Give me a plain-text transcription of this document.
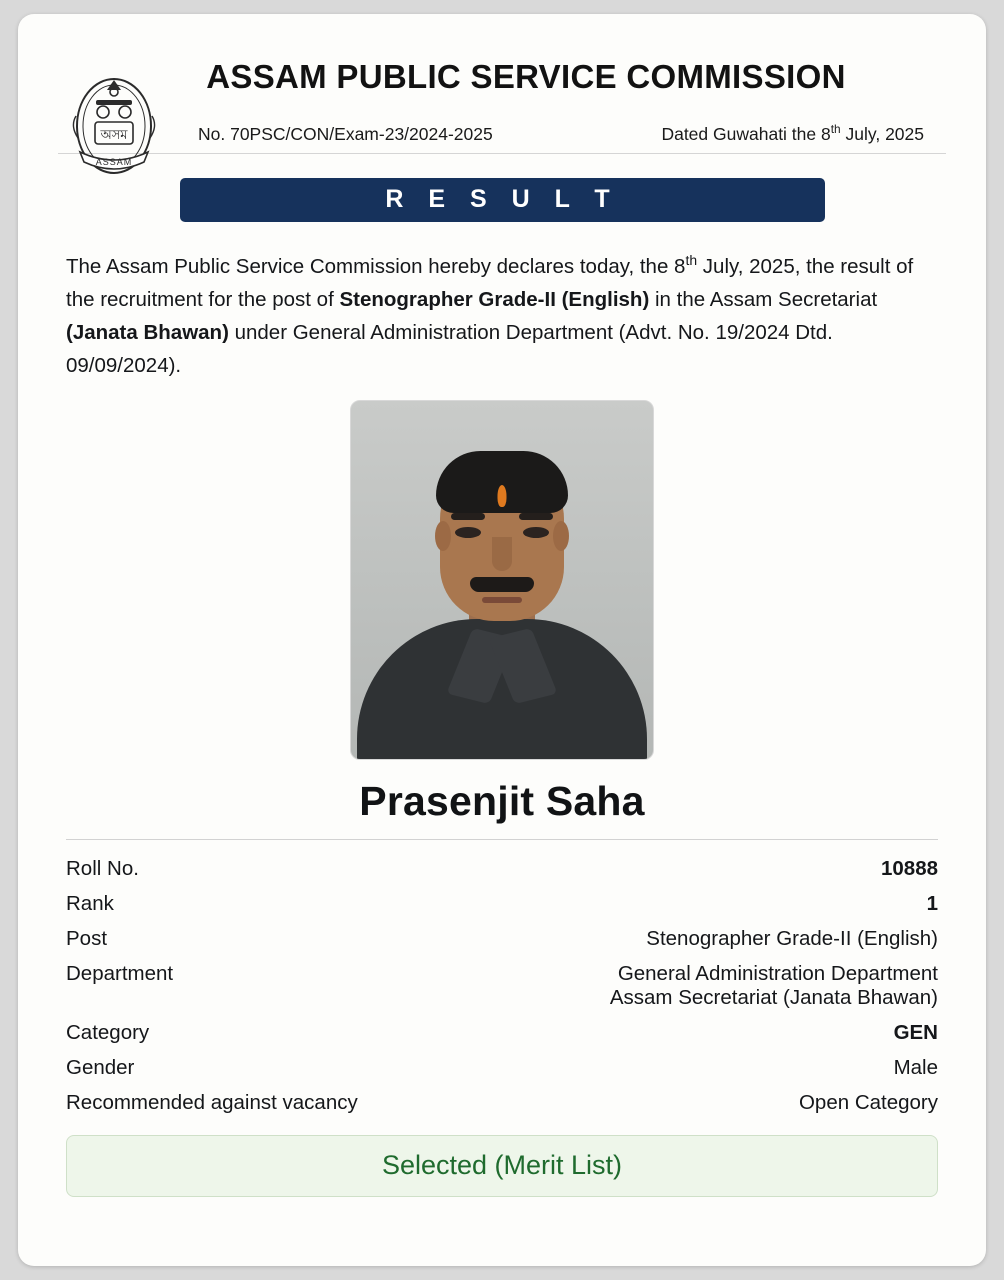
অসম
ASSAM
ASSAM PUBLIC SERVICE COMMISSION
No. 70PSC/CON/Exam-23/2024-2025	Dated Guwahati the 8th July, 2025
R E S U L T
The Assam Public Service Commission hereby declares today, the 8th July, 2025, the result of the recruitment for the post of Stenographer Grade-II (English) in the Assam Secretariat (Janata Bhawan) under General Administration Department (Advt. No. 19/2024 Dtd. 09/09/2024).
Prasenjit Saha
Roll No.	10888
Rank	1
Post	Stenographer Grade-II (English)
Department	General Administration Department
Assam Secretariat (Janata Bhawan)
Category	GEN
Gender	Male
Recommended against vacancy	Open Category
Selected (Merit List)
